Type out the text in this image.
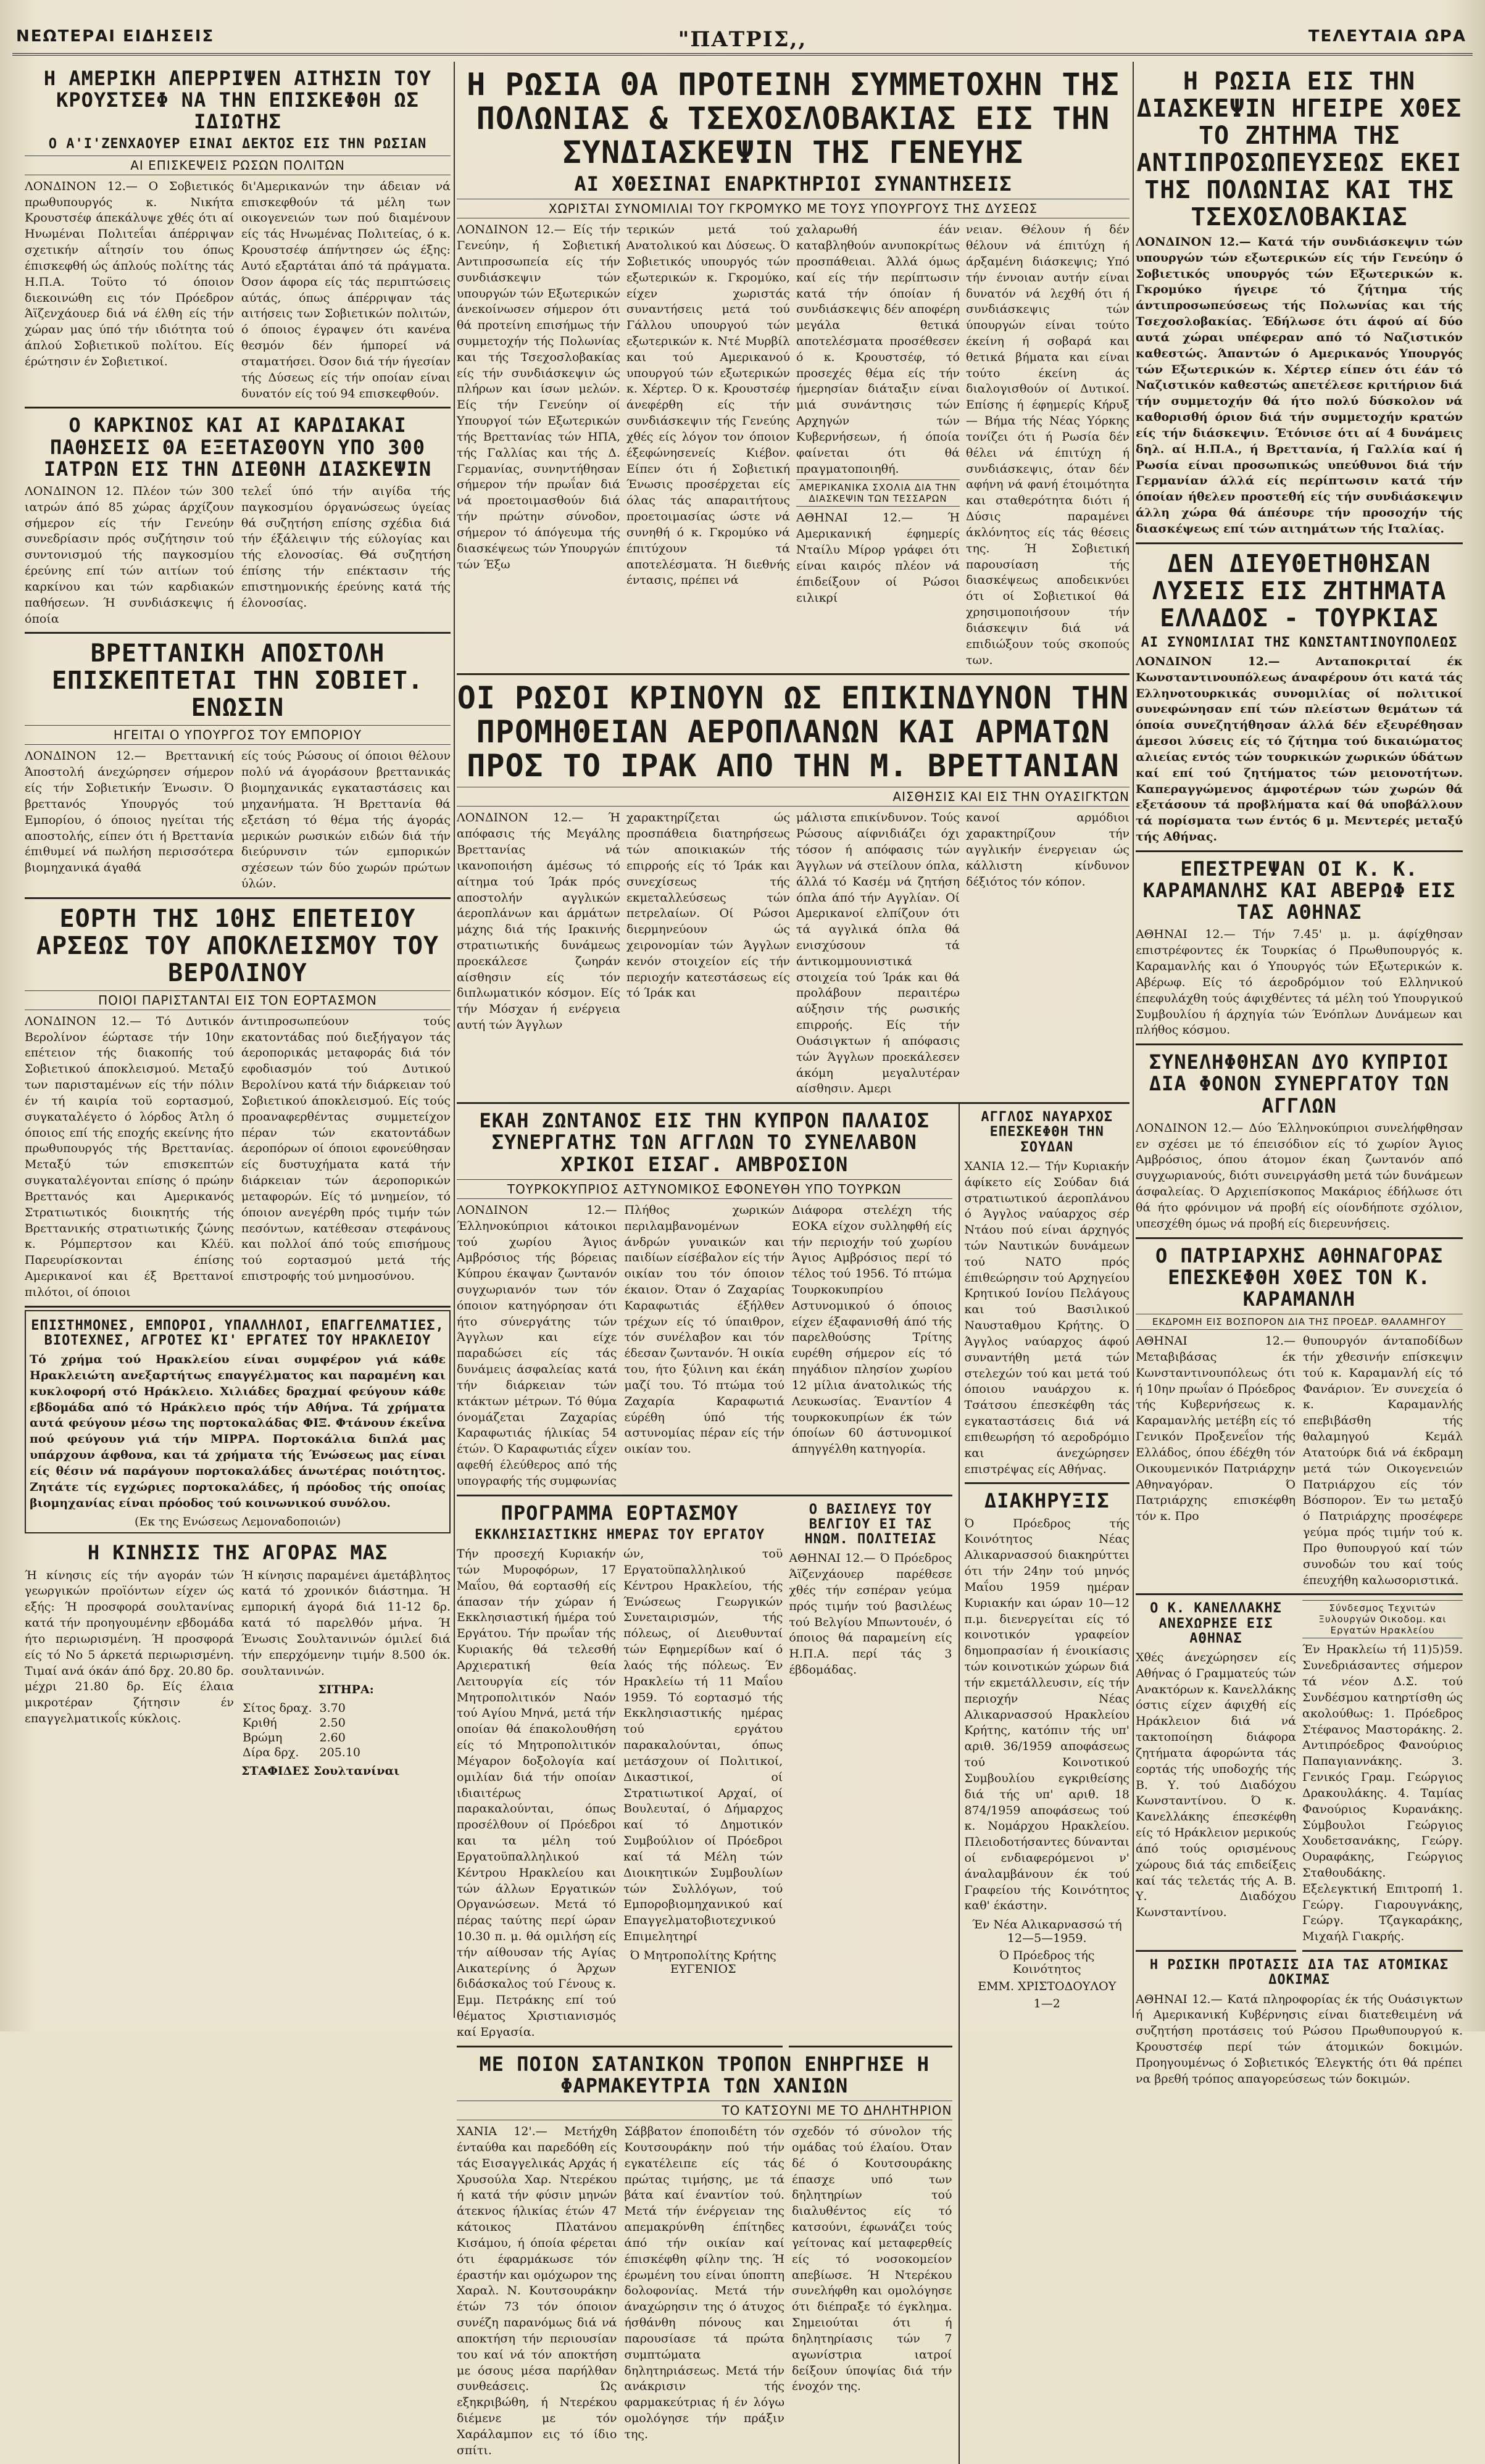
ΝΕΩΤΕΡΑΙ ΕΙΔΗΣΕΙΣ	"ΠΑΤΡΙΣ,,	ΤΕΛΕΥΤΑΙΑ ΩΡΑ
Η ΑΜΕΡΙΚΗ ΑΠΕΡΡΙΨΕΝ ΑΙΤΗΣΙΝ ΤΟΥ ΚΡΟΥΣΤΣΕΦ ΝΑ ΤΗΝ ΕΠΙΣΚΕΦΘΗ ΩΣ ΙΔΙΩΤΗΣ
Ο Α'Ι'ΖΕΝΧΑΟΥΕΡ ΕΙΝΑΙ ΔΕΚΤΟΣ ΕΙΣ ΤΗΝ ΡΩΣΙΑΝ
ΑΙ ΕΠΙΣΚΕΨΕΙΣ ΡΩΣΩΝ ΠΟΛΙΤΩΝ

ΛΟΝΔΙΝΟΝ 12.— Ο Σοβιετικός πρωθυπουργός κ. Νικήτα Κρουστσέφ άπεκάλυψε χθές ότι αί Ηνωμέναι Πολιτεΐαι άπέρριψαν σχετικήν αΐτησίν του όπως έπισκεφθή ώς άπλούς πολίτης τάς Η.Π.Α. Τοϋτο τό όποιον διεκοινώθη εις τόν Πρόεδρον Άϊζενχάουερ διά νά έλθη είς τήν χώραν μας ύπό τήν ιδιότητα τού άπλού Σοβιετικοϋ πολίτου. Είς έρώτησιν έν Σοβιετικοί.

δι'Αμερικανών την άδειαν νά επισκεφθούν τά μέλη των οικογενειών των πού διαμένουν είς τάς Ηνωμένας Πολιτείας, ό κ. Κρουστσέφ άπήντησεν ώς έξης: Αυτό εξαρτάται άπό τά πράγματα. Όσον άφορα είς τάς περιπτώσεις αύτάς, όπως άπέρριψαν τάς αιτήσεις των Σοβιετικών πολιτών, ό όποιος έγραψεν ότι κανένα θεσμόν δέν ήμπορεί νά σταματήσει. Όσον διά τήν ήγεσίαν τής Δύσεως είς τήν οποίαν είναι δυνατόν είς τού 94 επισκεφθούν.

Ο ΚΑΡΚΙΝΟΣ ΚΑΙ ΑΙ ΚΑΡΔΙΑΚΑΙ ΠΑΘΗΣΕΙΣ ΘΑ ΕΞΕΤΑΣΘΟΥΝ ΥΠΟ 300 ΙΑΤΡΩΝ ΕΙΣ ΤΗΝ ΔΙΕΘΝΗ ΔΙΑΣΚΕΨΙΝ

ΛΟΝΔΙΝΟΝ 12. Πλέον τών 300 ιατρών άπό 85 χώρας άρχίζουν σήμερον είς τήν Γενεύην συνεδρίασιν πρός συζήτησιν τού συντονισμού τής παγκοσμίου έρεύνης επί τών αιτίων τού καρκίνου και τών καρδιακών παθήσεων. Ή συνδιάσκεψις ή όποία

τελεΐ ύπό τήν αιγίδα τής παγκοσμίου όργανώσεως ύγείας θά συζητήση επίσης σχέδια διά τήν έξάλειψιν τής εύλογίας και τής ελονοσίας. Θά συζητήση έπίσης τήν επέκτασιν τής επιστημονικής έρεύνης κατά τής έλονοσίας.

ΒΡΕΤΤΑΝΙΚΗ ΑΠΟΣΤΟΛΗ ΕΠΙΣΚΕΠΤΕΤΑΙ ΤΗΝ ΣΟΒΙΕΤ. ΕΝΩΣΙΝ
ΗΓΕΙΤΑΙ Ο ΥΠΟΥΡΓΟΣ ΤΟΥ ΕΜΠΟΡΙΟΥ

ΛΟΝΔΙΝΟΝ 12.— Βρεττανική Άποστολή άνεχώρησεν σήμερον είς τήν Σοβιετικήν Ένωσιν. Ό βρεττανός Υπουργός τού Εμπορίου, ό όποιος ηγείται τής αποστολής, είπεν ότι ή Βρεττανία έπιθυμεί νά πωλήση περισσότερα βιομηχανικά άγαθά

είς τούς Ρώσους οί όποιοι θέλουν πολύ νά άγοράσουν βρεττανικάς βιομηχανικάς εγκαταστάσεις και μηχανήματα. Ή Βρεττανία θά εξετάση τό θέμα τής άγοράς μερικών ρωσικών ειδών διά τήν διεύρυνσιν τών εμπορικών σχέσεων τών δύο χωρών πρώτων ύλών.

ΕΟΡΤΗ ΤΗΣ 10ΗΣ ΕΠΕΤΕΙΟΥ ΑΡΣΕΩΣ ΤΟΥ ΑΠΟΚΛΕΙΣΜΟΥ ΤΟΥ ΒΕΡΟΛΙΝΟΥ
ΠΟΙΟΙ ΠΑΡΙΣΤΑΝΤΑΙ ΕΙΣ ΤΟΝ ΕΟΡΤΑΣΜΟΝ

ΛΟΝΔΙΝΟΝ 12.— Τό Δυτικόν Βερολίνον έώρτασε τήν 10ην επέτειον τής διακοπής τού Σοβιετικού άποκλεισμού. Μεταξύ των παρισταμένων είς τήν πόλιν έν τή καιρία τοϋ εορτασμού, συγκαταλέγετο ό λόρδος Άτλη ό όποιος επί τής εποχής εκείνης ήτο πρωθυπουργός τής Βρεττανίας. Μεταξύ τών επισκεπτών συγκαταλέγονται επίσης ό πρώην Βρεττανός και Αμερικανός Στρατιωτικός διοικητής τής Βρεττανικής στρατιωτικής ζώνης κ. Ρόμπερτσον και Κλέϋ. Παρευρίσκονται έπίσης Αμερικανοί και έξ Βρεττανοί πιλότοι, οί όποιοι

άντιπροσωπεύουν τούς εκατοντάδας πού διεξήγαγον τάς άεροπορικάς μεταφοράς διά τόν εφοδιασμόν τού Δυτικού Βερολίνου κατά τήν διάρκειαν τού Σοβιετικού άποκλεισμού. Είς τούς προαναφερθέντας συμμετείχον πέραν τών εκατοντάδων άεροπόρων οί όποιοι εφονεύθησαν είς δυστυχήματα κατά τήν διάρκειαν τών άεροπορικών μεταφορών. Είς τό μνημείον, τό όποιον ανεγέρθη πρός τιμήν τών πεσόντων, κατέθεσαν στεφάνους και πολλοί άπό τούς επισήμους τού εορτασμού μετά τής επιστροφής τού μνημοσύνου.

ΕΠΙΣΤΗΜΟΝΕΣ, ΕΜΠΟΡΟΙ, ΥΠΑΛΛΗΛΟΙ, ΕΠΑΓΓΕΛΜΑΤΙΕΣ, ΒΙΟΤΕΧΝΕΣ, ΑΓΡΟΤΕΣ ΚΙ' ΕΡΓΑΤΕΣ ΤΟΥ ΗΡΑΚΛΕΙΟΥ

Τό χρήμα τού Ηρακλείου είναι συμφέρον γιά κάθε Ηρακλειώτη ανεξαρτήτως επαγγέλματος και παραμένη και κυκλοφορή στό Ηράκλειο. Χιλιάδες δραχμαί φεύγουν κάθε εβδομάδα από τό Ηράκλειο πρός τήν Αθήνα. Τά χρήματα αυτά φεύγουν μέσω της πορτοκαλάδας ΦΙΞ. Φτάνουν έκεΐνα πού φεύγουν γιά τήν ΜΙΡΡΑ. Πορτοκάλια διπλά μας υπάρχουν άφθονα, και τά χρήματα τής Ένώσεως μας είναι είς θέσιν νά παράγουν πορτοκαλάδες άνωτέρας ποιότητος. Ζητάτε τίς εγχώριες πορτοκαλάδες, ή πρόοδος τής οποίας βιομηχανίας είναι πρόοδος τού κοινωνικού συνόλου.

(Εκ της Ενώσεως Λεμοναδοποιών)
Η ΚΙΝΗΣΙΣ ΤΗΣ ΑΓΟΡΑΣ ΜΑΣ

Ή κίνησις είς τήν αγοράν τών γεωργικών προϊόντων είχεν ώς εξής: Ή προσφορά σουλτανίνας κατά τήν προηγουμένην εβδομάδα ήτο περιωρισμένη. Ή προσφορά είς τό Νο 5 άρκετά περιωρισμένη. Τιμαί ανά όκάν άπό δρχ. 20.80 δρ. μέχρι 21.80 δρ. Είς έλαια μικροτέραν ζήτησιν έν επαγγελματικοΐς κύκλοις.

Ή κίνησις παραμένει άμετάβλητος κατά τό χρονικόν διάστημα. Ή εμπορική άγορά διά 11-12 δρ. κατά τό παρελθόν μήνα. Ή Ένωσις Σουλτανινών όμιλεί διά τήν επερχόμενην τιμήν 8.500 όκ. σουλτανινών.

ΣΙΤΗΡΑ:
Σίτος δραχ.	3.70
Κριθή	2.50
Βρώμη	2.60
Δίρα δρχ.	205.10
ΣΤΑΦΙΔΕΣ Σουλτανίναι
Η ΡΩΣΙΑ ΘΑ ΠΡΟΤΕΙΝΗ ΣΥΜΜΕΤΟΧΗΝ ΤΗΣ ΠΟΛΩΝΙΑΣ & ΤΣΕΧΟΣΛΟΒΑΚΙΑΣ ΕΙΣ ΤΗΝ ΣΥΝΔΙΑΣΚΕΨΙΝ ΤΗΣ ΓΕΝΕΥΗΣ
ΑΙ ΧΘΕΣΙΝΑΙ ΕΝΑΡΚΤΗΡΙΟΙ ΣΥΝΑΝΤΗΣΕΙΣ
ΧΩΡΙΣΤΑΙ ΣΥΝΟΜΙΛΙΑΙ ΤΟΥ ΓΚΡΟΜΥΚΟ ΜΕ ΤΟΥΣ ΥΠΟΥΡΓΟΥΣ ΤΗΣ ΔΥΣΕΩΣ

ΛΟΝΔΙΝΟΝ 12.— Είς τήν Γενεύην, ή Σοβιετική Αντιπροσωπεία είς τήν συνδιάσκεψιν τών υπουργών τών Εξωτερικών άνεκοίνωσεν σήμερον ότι θά προτείνη επισήμως τήν συμμετοχήν τής Πολωνίας και τής Τσεχοσλοβακίας είς τήν συνδιάσκεψιν ώς πλήρων και ίσων μελών. Είς τήν Γενεύην οί Υπουργοί τών Εξωτερικών τής Βρεττανίας τών ΗΠΑ, τής Γαλλίας και τής Δ. Γερμανίας, συνηντήθησαν σήμερον τήν πρωΐαν διά νά προετοιμασθούν διά τήν πρώτην σύνοδον, σήμερον τό άπόγευμα τής διασκέψεως τών Υπουργών τών Έξω

τερικών μετά τού Ανατολικού και Δύσεως. Ό Σοβιετικός υπουργός τών εξωτερικών κ. Γκρομύκο, είχεν χωριστάς συναντήσεις μετά τού Γάλλου υπουργού τών εξωτερικών κ. Ντέ Μυρβίλ και τού Αμερικανού υπουργού τών εξωτερικών κ. Χέρτερ. Ό κ. Κρουστσέφ άνεφέρθη είς τήν συνδιάσκεψιν τής Γενεύης χθές είς λόγον τον όποιον έξεφώνησενείς Κιέβον. Είπεν ότι ή Σοβιετική Ένωσις προσέρχεται είς όλας τάς απαραιτήτους προετοιμασίας ώστε νά συνηθή ό κ. Γκρομύκο νά έπιτύχουν τά αποτελέσματα. Ή διεθνής έντασις, πρέπει νά

χαλαρωθή έάν καταβληθούν ανυποκρίτως προσπάθειαι. Άλλά όμως καί είς τήν περίπτωσιν κατά τήν όποίαν ή συνδιάσκεψις δέν αποφέρη μεγάλα θετικά αποτελέσματα προσέθεσεν ό κ. Κρουστσέφ, τό προσεχές θέμα είς τήν ήμερησίαν διάταξιν είναι μιά συνάντησις τών Αρχηγών τών Κυβερνήσεων, ή όποία φαίνεται ότι θά πραγματοποιηθή.

ΑΜΕΡΙΚΑΝΙΚΑ ΣΧΟΛΙΑ ΔΙΑ ΤΗΝ ΔΙΑΣΚΕΨΙΝ ΤΩΝ ΤΕΣΣΑΡΩΝ

ΑΘΗΝΑΙ 12.— Ή Αμερικανική έφημερίς Νταίλυ Μίρορ γράφει ότι είναι καιρός πλέον νά έπιδείξουν οί Ρώσοι ειλικρί

νειαν. Θέλουν ή δέν θέλουν νά έπιτύχη ή άρξαμένη διάσκεψις; Υπό τήν έννοιαν αυτήν είναι δυνατόν νά λεχθή ότι ή συνδιάσκεψις τών ύπουργών είναι τούτο έκείνη ή σοβαρά και θετικά βήματα και είναι τούτο έκείνη άς διαλογισθούν οί Δυτικοί. Επίσης ή έφημερίς Κήρυξ — Βήμα τής Νέας Υόρκης τονίζει ότι ή Ρωσία δέν θέλει νά έπιτύχη ή συνδιάσκεψις, όταν δέν αφήνη νά φανή έτοιμότητα και σταθερότητα διότι ή Δύσις παραμένει άκλόνητος είς τάς θέσεις της. Ή Σοβιετική παρουσίαση τής διασκέψεως αποδεικνύει ότι οί Σοβιετικοί θά χρησιμοποιήσουν τήν διάσκεψιν διά νά επιδιώξουν τούς σκοπούς των.

ΟΙ ΡΩΣΟΙ ΚΡΙΝΟΥΝ ΩΣ ΕΠΙΚΙΝΔΥΝΟΝ ΤΗΝ ΠΡΟΜΗΘΕΙΑΝ ΑΕΡΟΠΛΑΝΩΝ ΚΑΙ ΑΡΜΑΤΩΝ ΠΡΟΣ ΤΟ ΙΡΑΚ ΑΠΟ ΤΗΝ Μ. ΒΡΕΤΤΑΝΙΑΝ
ΑΙΣΘΗΣΙΣ ΚΑΙ ΕΙΣ ΤΗΝ ΟΥΑΣΙΓΚΤΩΝ

ΛΟΝΔΙΝΟΝ 12.— Ή απόφασις τής Μεγάλης Βρεττανίας νά ικανοποιήση άμέσως τό αίτημα τού Ίράκ πρός αποστολήν αγγλικών άεροπλάνων και άρμάτων μάχης διά τής Ιρακινής στρατιωτικής δυνάμεως προεκάλεσε ζωηράν αίσθησιν είς τόν διπλωματικόν κόσμον. Είς τήν Μόσχαν ή ενέργεια αυτή τών Άγγλων

χαρακτηρίζεται ώς προσπάθεια διατηρήσεως τών αποικιακών τής επιρροής είς τό Ίράκ και συνεχίσεως τής εκμεταλλεύσεως τών πετρελαίων. Οί Ρώσοι διερμηνεύουν ώς χειρονομίαν τών Άγγλων κενόν στοιχείον είς τήν περιοχήν κατεστάσεως είς τό Ίράκ και

μάλιστα επικίνδυνον. Τούς Ρώσους αίφνιδιάζει όχι τόσον ή απόφασις τών Άγγλων νά στείλουν όπλα, άλλά τό Κασέμ νά ζητήση όπλα άπό τήν Αγγλίαν. Οί Αμερικανοί ελπίζουν ότι τά αγγλικά όπλα θά ενισχύσουν τά άντικομμουνιστικά στοιχεία τού Ίράκ και θά προλάβουν περαιτέρω αύξησιν τής ρωσικής επιρροής. Είς τήν Ουάσιγκτων ή απόφασις τών Άγγλων προεκάλεσεν άκόμη μεγαλυτέραν αίσθησιν. Αμερι

κανοί αρμόδιοι χαρακτηρίζουν τήν αγγλικήν ένεργειαν ώς κάλλιστη κίνδυνον δέξιότος τόν κόπον.

ΕΚΑΗ ΖΩΝΤΑΝΟΣ ΕΙΣ ΤΗΝ ΚΥΠΡΟΝ ΠΑΛΑΙΟΣ ΣΥΝΕΡΓΑΤΗΣ ΤΩΝ ΑΓΓΛΩΝ ΤΟ ΣΥΝΕΛΑΒΟΝ ΧΡΙΚΟΙ ΕΙΣΑΓ. ΑΜΒΡΟΣΙΟΝ
ΤΟΥΡΚΟΚΥΠΡΙΟΣ ΑΣΤΥΝΟΜΙΚΟΣ ΕΦΟΝΕΥΘΗ ΥΠΟ ΤΟΥΡΚΩΝ

ΛΟΝΔΙΝΟΝ 12.— Έλληνοκύπριοι κάτοικοι τού χωρίου Άγιος Αμβρόσιος τής βόρειας Κύπρου έκαψαν ζωντανόν συγχωριανόν των τόν όποιον κατηγόρησαν ότι ήτο σύνεργάτης τών Άγγλων και είχε παραδώσει είς τάς δυνάμεις άσφαλείας κατά τήν διάρκειαν τών κτάκτων μέτρων. Τό θύμα όνομάζεται Ζαχαρίας Καραφωτιάς ήλικίας 54 έτών. Ό Καραφωτιάς εΐχεν αφεθή έλεύθερος από τής υπογραφής τής συμφωνίας

Πλήθος χωρικών περιλαμβανομένων άνδρών γυναικών και παιδίων είσέβαλον είς τήν οικίαν του τόν όποιον έκαιον. Όταν ό Ζαχαρίας Καραφωτιάς έξήλθεν τρέχων είς τό ύπαιθρον, τόν συνέλαβον και τόν έδεσαν ζωντανόν. Ή οικία του, ήτο ξύλινη και έκάη μαζί του. Τό πτώμα τού Ζαχαρία Καραφωτιά εύρέθη ύπό τής αστυνομίας πέραν είς τήν οικίαν του.

Διάφορα στελέχη τής ΕΟΚΑ είχον συλληφθή είς τήν περιοχήν τού χωρίου Άγιος Αμβρόσιος περί τό τέλος τού 1956. Τό πτώμα Τουρκοκυπρίου Αστυνομικού ό όποιος είχεν έξαφανισθή άπό τής παρελθούσης Τρίτης ευρέθη σήμερον είς τό πηγάδιον πλησίον χωρίου 12 μίλια άνατολικώς τής Λευκωσίας. Έναντίον 4 τουρκοκυπρίων έκ τών όποίων 60 άστυνομικοί άπηγγέλθη κατηγορία.

ΠΡΟΓΡΑΜΜΑ ΕΟΡΤΑΣΜΟΥ
ΕΚΚΛΗΣΙΑΣΤΙΚΗΣ ΗΜΕΡΑΣ ΤΟΥ ΕΡΓΑΤΟΥ

Τήν προσεχή Κυριακήν τών Μυροφόρων, 17 Μαΐου, θά εορτασθή είς άπασαν τήν χώραν ή Εκκλησιαστική ήμέρα τού Εργάτου. Τήν πρωΐαν τής Κυριακής θά τελεσθή Αρχιερατική θεία Λειτουργία είς τόν Μητροπολιτικόν Ναόν τού Αγίου Μηνά, μετά τήν οποίαν θά έπακολουθήση είς τό Μητροπολιτικόν Μέγαρον δοξολογία καί ομιλίαν διά τήν οποίαν ιδιαιτέρως παρακαλούνται, όπως προσέλθουν οί Πρόεδροι και τα μέλη τού Εργατοϋπαλληλικού Κέντρου Ηρακλείου και τών άλλων Εργατικών Οργανώσεων. Μετά τό πέρας ταύτης περί ώραν 10.30 π. μ. θά ομιλήση είς τήν αίθουσαν τής Αγίας Αικατερίνης ό Άρχων διδάσκαλος τού Γένους κ. Εμμ. Πετράκης επί τού θέματος Χριστιανισμός καί Εργασία.

ών, τοϋ Εργατοϋπαλληλικού Κέντρου Ηρακλείου, τής Ένώσεως Γεωργικών Συνεταιρισμών, τής πόλεως, οί Διευθυνταί τών Εφημερίδων καί ό λαός τής πόλεως. Έν Ηρακλείω τή 11 Μαΐου 1959. Τό εορτασμό τής Εκκλησιαστικής ημέρας τού εργάτου παρακαλούνται, όπως μετάσχουν οί Πολιτικοί, Δικαστικοί, οί Στρατιωτικοί Αρχαί, οί Βουλευταί, ό Δήμαρχος καί τό Δημοτικόν Συμβούλιον οί Πρόεδροι καί τά Μέλη τών Διοικητικών Συμβουλίων τών Συλλόγων, τού Εμποροβιομηχανικού καί Επαγγελματοβιοτεχνικού Επιμελητηρί

Ό Μητροπολίτης Κρήτης ΕΥΓΕΝΙΟΣ
Ο ΒΑΣΙΛΕΥΣ ΤΟΥ ΒΕΛΓΙΟΥ ΕΙ ΤΑΣ ΗΝΩΜ. ΠΟΛΙΤΕΙΑΣ

ΑΘΗΝΑΙ 12.— Ό Πρόεδρος Άϊζενχάουερ παρέθεσε χθές τήν εσπέραν γεύμα πρός τιμήν τού βασιλέως τού Βελγίου Μπωντουέν, ό όποιος θά παραμείνη είς Η.Π.Α. περί τάς 3 έβδομάδας.

ΜΕ ΠΟΙΟΝ ΣΑΤΑΝΙΚΟΝ ΤΡΟΠΟΝ ΕΝΗΡΓΗΣΕ Η ΦΑΡΜΑΚΕΥΤΡΙΑ ΤΩΝ ΧΑΝΙΩΝ
ΤΟ ΚΑΤΣΟΥΝΙ ΜΕ ΤΟ ΔΗΛΗΤΗΡΙΟΝ

ΧΑΝΙΑ 12'.— Μετήχθη ένταύθα και παρεδόθη είς τάς Εισαγγελικάς Αρχάς ή Χρυσούλα Χαρ. Ντερέκου ή κατά τήν φύσιν μηνών άτεκνος ήλικίας έτών 47 κάτοικος Πλατάνου Κισάμου, ή όποία φέρεται ότι έφαρμάκωσε τόν έραστήν και ομόχωρον της Χαραλ. Ν. Κουτσουράκην έτών 73 τόν όποιον συνέζη παρανόμως διά νά αποκτήση τήν περιουσίαν του καί νά τόν αποκτήση με όσους μέσα παρήλθαν συνθεάσεις. Ώς εξηκριβώθη, ή Ντερέκου διέμενε με τόν Χαράλαμπον εις τό ίδιο σπίτι.

Σάββατον έποποιδέτη τόν Κουτσουράκην πού τήν εγκατέλειπε είς τάς πρώτας τιμήσης, με τά βάτα καί έναντίον τού. Μετά τήν ένέργειαν της απεμακρύνθη έπίτηδες άπό τήν οικίαν καί έπισκέφθη φίλην της. Ή έρωμένη του είναι ύποπτη δολοφονίας. Μετά τήν άναχώρησιν της ό άτυχος ήσθάνθη πόνους και παρουσίασε τά πρώτα συμπτώματα δηλητηριάσεως. Μετά τήν ανάκρισιν τής φαρμακεύτριας ή έν λόγω ομολόγησε τήν πράξιν της.

σχεδόν τό σύνολον τής ομάδας τού έλαίου. Όταν δέ ό Κουτσουράκης έπασχε υπό των δηλητηρίων τού διαλυθέντος είς τό κατσούνι, έφωνάζει τούς γείτονας καί μεταφερθείς είς τό νοσοκομείον απεβίωσε. Ή Ντερέκου συνελήφθη και ομολόγησε ότι διέπραξε τό έγκλημα. Σημειούται ότι ή δηλητηρίασις τών 7 αγωνίστρια ιατροί δείξουν ύποψίας διά τήν ένοχόν της.

ΑΓΓΛΟΣ ΝΑΥΑΡΧΟΣ ΕΠΕΣΚΕΦΘΗ ΤΗΝ ΣΟΥΔΑΝ

ΧΑΝΙΑ 12.— Τήν Κυριακήν άφίκετο είς Σούδαν διά στρατιωτικού άεροπλάνου ό Άγγλος ναύαρχος σέρ Ντάου πού είναι άρχηγός τών Ναυτικών δυνάμεων τού ΝΑΤΟ πρός έπιθεώρησιν τού Αρχηγείου Κρητικού Ιονίου Πελάγους και τού Βασιλικού Ναυσταθμου Κρήτης. Ό Άγγλος ναύαρχος άφού συναντήθη μετά τών στελεχών τού και μετά τού όποιου ναυάρχου κ. Τσάτσου έπεσκέφθη τάς εγκαταστάσεις διά νά επιθεωρήση τό αεροδρόμιο και άνεχώρησεν επιστρέψας είς Αθήνας.

ΔΙΑΚΗΡΥΞΙΣ

Ό Πρόεδρος τής Κοινότητος Νέας Αλικαρνασσού διακηρύττει ότι τήν 24ην τού μηνός Μαΐου 1959 ημέραν Κυριακήν και ώραν 10—12 π.μ. διενεργείται είς τό κοινοτικόν γραφείον δημοπρασίαν ή ένοικίασις τών κοινοτικών χώρων διά τήν εκμετάλλευσιν, είς τήν περιοχήν Νέας Αλικαρνασσού Ηρακλείου Κρήτης, κατόπιν τής υπ' αριθ. 36/1959 αποφάσεως τού Κοινοτικού Συμβουλίου εγκριθείσης διά τής υπ' αριθ. 18 874/1959 αποφάσεως τού κ. Νομάρχου Ηρακλείου. Πλειοδοτήσαντες δύνανται οί ενδιαφερόμενοι ν' άναλαμβάνουν έκ τού Γραφείου τής Κοινότητος καθ' έκάστην.

Έν Νέα Αλικαρνασσώ τή 12—5—1959.
Ό Πρόεδρος τής Κοινότητος
ΕΜΜ. ΧΡΙΣΤΟΔΟΥΛΟΥ
1—2
Η ΡΩΣΙΑ ΕΙΣ ΤΗΝ ΔΙΑΣΚΕΨΙΝ ΗΓΕΙΡΕ ΧΘΕΣ ΤΟ ΖΗΤΗΜΑ ΤΗΣ ΑΝΤΙΠΡΟΣΩΠΕΥΣΕΩΣ ΕΚΕΙ ΤΗΣ ΠΟΛΩΝΙΑΣ ΚΑΙ ΤΗΣ ΤΣΕΧΟΣΛΟΒΑΚΙΑΣ

ΛΟΝΔΙΝΟΝ 12.— Κατά τήν συνδιάσκεψιν τών υπουργών τών εξωτερικών είς τήν Γενεύην ό Σοβιετικός υπουργός τών Εξωτερικών κ. Γκρομύκο ήγειρε τό ζήτημα τής άντιπροσωπεύσεως τής Πολωνίας και τής Τσεχοσλοβακίας. Έδήλωσε ότι άφού αί δύο αυτά χώραι υπέφεραν από τό Ναζιστικόν καθεστώς. Άπαντών ό Αμερικανός Υπουργός τών Εξωτερικών κ. Χέρτερ είπεν ότι έάν τό Ναζιστικόν καθεστώς απετέλεσε κριτήριον διά τήν συμμετοχήν θά ήτο πολύ δύσκολον νά καθορισθή όριον διά τήν συμμετοχήν κρατών είς τήν διάσκεψιν. Έτόνισε ότι αί 4 δυνάμεις δηλ. αί Η.Π.Α., ή Βρεττανία, ή Γαλλία καί ή Ρωσία είναι προσωπικώς υπεύθυνοι διά τήν Γερμανίαν άλλά είς περίπτωσιν κατά τήν όποίαν ήθελεν προστεθή είς τήν συνδιάσκεψιν άλλη χώρα θά άπέσυρε τήν προσοχήν τής διασκέψεως επί τών αιτημάτων τής Ιταλίας.

ΔΕΝ ΔΙΕΥΘΕΤΗΘΗΣΑΝ ΛΥΣΕΙΣ ΕΙΣ ΖΗΤΗΜΑΤΑ ΕΛΛΑΔΟΣ - ΤΟΥΡΚΙΑΣ
ΑΙ ΣΥΝΟΜΙΛΙΑΙ ΤΗΣ ΚΩΝΣΤΑΝΤΙΝΟΥΠΟΛΕΩΣ

ΛΟΝΔΙΝΟΝ 12.— Ανταποκριταί έκ Κωνσταντινουπόλεως άναφέρουν ότι κατά τάς Ελληνοτουρκικάς συνομιλίας οί πολιτικοί συνεφώνησαν επί τών πλείστων θεμάτων τά όποία συνεζητήθησαν άλλά δέν εξευρέθησαν άμεσοι λύσεις είς τό ζήτημα τού δικαιώματος αλιείας εντός τών τουρκικών χωρικών ύδάτων καί επί τού ζητήματος τών μειονοτήτων. Καπεραγγώμενος άμφοτέρων τών χωρών θά εξετάσουν τά προβλήματα καί θά υποβάλλουν τά πορίσματα των έντός 6 μ. Μεντερές μεταξύ τής Αθήνας.

ΕΠΕΣΤΡΕΨΑΝ ΟΙ Κ. Κ. ΚΑΡΑΜΑΝΛΗΣ ΚΑΙ ΑΒΕΡΩΦ ΕΙΣ ΤΑΣ ΑΘΗΝΑΣ

ΑΘΗΝΑΙ 12.— Τήν 7.45' μ. μ. άφίχθησαν επιστρέφοντες έκ Τουρκίας ό Πρωθυπουργός κ. Καραμανλής και ό Υπουργός τών Εξωτερικών κ. Αβέρωφ. Είς τό άεροδρόμιον τού Ελληνικού έπεφυλάχθη τούς άφιχθέντες τά μέλη τού Υπουργικού Συμβουλίου ή άρχηγία τών Ένόπλων Δυνάμεων και πλήθος κόσμου.

ΣΥΝΕΛΗΦΘΗΣΑΝ ΔΥΟ ΚΥΠΡΙΟΙ ΔΙΑ ΦΟΝΟΝ ΣΥΝΕΡΓΑΤΟΥ ΤΩΝ ΑΓΓΛΩΝ

ΛΟΝΔΙΝΟΝ 12.— Δύο Έλληνοκύπριοι συνελήφθησαν εν σχέσει με τό έπεισόδιον είς τό χωρίον Άγιος Αμβρόσιος, όπου άτομον έκαη ζωντανόν από συγχωριανούς, διότι συνειργάσθη μετά τών δυνάμεων άσφαλείας. Ό Αρχιεπίσκοπος Μακάριος έδήλωσε ότι θά ήτο φρόνιμον νά προβή είς οίονδήποτε σχόλιον, υπεσχέθη όμως νά προβή είς διερευνήσεις.

Ο ΠΑΤΡΙΑΡΧΗΣ ΑΘΗΝΑΓΟΡΑΣ ΕΠΕΣΚΕΦΘΗ ΧΘΕΣ ΤΟΝ Κ. ΚΑΡΑΜΑΝΛΗ
ΕΚΔΡΟΜΗ ΕΙΣ ΒΟΣΠΟΡΟΝ ΔΙΑ ΤΗΣ ΠΡΟΕΔΡ. ΘΑΛΑΜΗΓΟΥ

ΑΘΗΝΑΙ 12.— Μεταβιβάσας έκ Κωνσταντινουπόλεως ότι ή 10ην πρωΐαν ό Πρόεδρος τής Κυβερνήσεως κ. Καραμανλής μετέβη είς τό Γενικόν Προξενεΐον τής Ελλάδος, όπου έδέχθη τόν Οικουμενικόν Πατριάρχην Αθηναγόραν. Ό Πατριάρχης επισκέφθη τόν κ. Προ

θυπουργόν άνταποδίδων τήν χθεσινήν επίσκεψιν τού κ. Καραμανλή είς τό Φανάριον. Έν συνεχεία ό κ. Καραμανλής επεβιβάσθη τής θαλαμηγού Κεμάλ Ατατούρκ διά νά έκδραμη μετά τών Οικογενειών Πατριάρχου είς τόν Βόσπορον. Έν τω μεταξύ ό Πατριάρχης προσέφερε γεύμα πρός τιμήν τού κ. Προ θυπουργού καί τών συνοδών του καί τούς έπευχήθη καλωσοριστικά.

Ο Κ. ΚΑΝΕΛΛΑΚΗΣ ΑΝΕΧΩΡΗΣΕ ΕΙΣ ΑΘΗΝΑΣ

Χθές άνεχώρησεν είς Αθήνας ό Γραμματεύς τών Ανακτόρων κ. Κανελλάκης όστις είχεν άφιχθή είς Ηράκλειον διά νά τακτοποίηση διάφορα ζητήματα άφορώντα τάς εορτάς τής υποδοχής τής Β. Υ. τού Διαδόχου Κωνσταντίνου. Ό κ. Κανελλάκης έπεσκέφθη είς τό Ηράκλειον μερικούς άπό τούς ορισμένους χώρους διά τάς επιδείξεις καί τάς τελετάς τής Α. Β. Υ. Διαδόχου Κωνσταντίνου.

Σύνδεσμος Τεχνιτών Ξυλουργών Οικοδομ. και Εργατών Ηρακλείου

Έν Ηρακλείω τή 11)5)59. Συνεδριάσαντες σήμερον τά νέον Δ.Σ. τού Συνδέσμου κατηρτίσθη ώς ακολούθως: 1. Πρόεδρος Στέφανος Μαστοράκης. 2. Αντιπρόεδρος Φανούριος Παπαγιαννάκης. 3. Γενικός Γραμ. Γεώργιος Δρακουλάκης. 4. Ταμίας Φανούριος Κυρανάκης. Σύμβουλοι Γεώργιος Χουδετσανάκης, Γεώργ. Ουραφάκης, Γεώργιος Σταθουδάκης. Εξελεγκτική Επιτροπή 1. Γεώργ. Γιαρουγνάκης, Γεώργ. Τζαγκαράκης, Μιχαήλ Γιακρής.

Η ΡΩΣΙΚΗ ΠΡΟΤΑΣΙΣ ΔΙΑ ΤΑΣ ΑΤΟΜΙΚΑΣ ΔΟΚΙΜΑΣ

ΑΘΗΝΑΙ 12.— Κατά πληροφορίας έκ τής Ουάσιγκτων ή Αμερικανική Κυβέρνησις είναι διατεθειμένη νά συζητήση προτάσεις τού Ρώσου Πρωθυπουργού κ. Κρουστσέφ περί τών άτομικών δοκιμών. Προηγουμένως ό Σοβιετικός Έλεγκτής ότι θά πρέπει να βρεθή τρόπος απαγορεύσεως τών δοκιμών.
